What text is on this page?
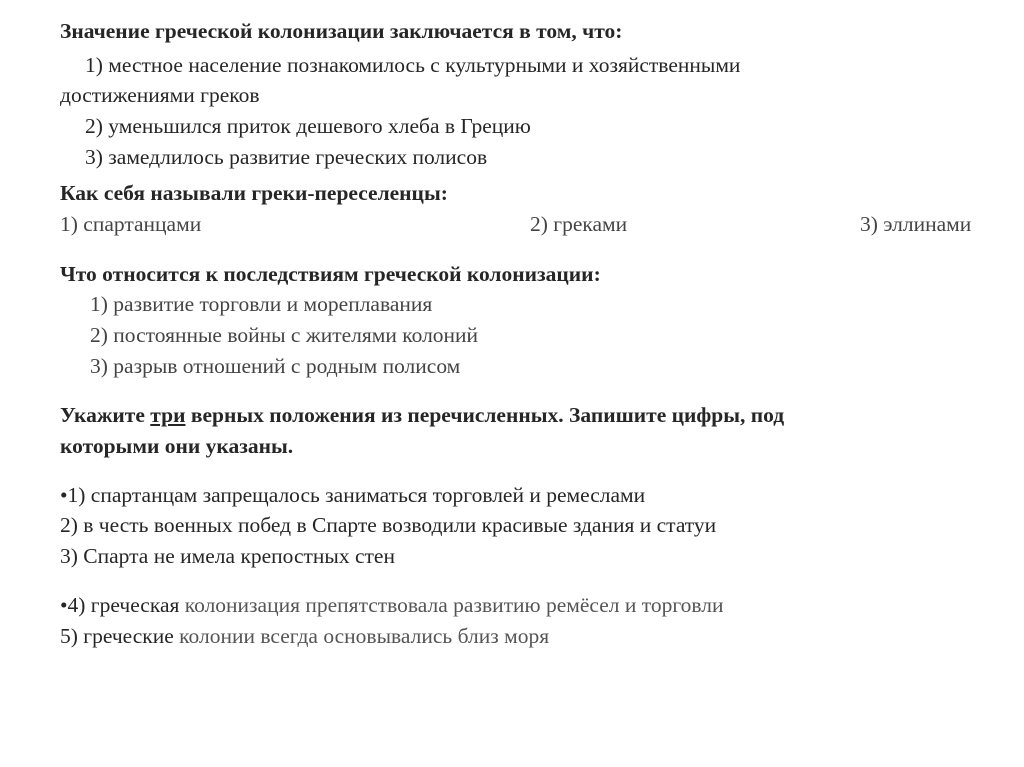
Значение греческой колонизации заключается в том, что:
1) местное население познакомилось с культурными и хозяйственными
достижениями греков
2) уменьшился приток дешевого хлеба в Грецию
3) замедлилось развитие греческих полисов
Как себя называли греки-переселенцы:
1) спартанцами	2) греками	3) эллинами
Что относится к последствиям греческой колонизации:
1) развитие торговли и мореплавания
2) постоянные войны с жителями колоний
3) разрыв отношений с родным полисом
Укажите три верных положения из перечисленных. Запишите цифры, под
которыми они указаны.
•1) спартанцам запрещалось заниматься торговлей и ремеслами
2) в честь военных побед в Спарте возводили красивые здания и статуи
3) Спарта не имела крепостных стен
•4) греческая колонизация препятствовала развитию ремёсел и торговли
5) греческие колонии всегда основывались близ моря
